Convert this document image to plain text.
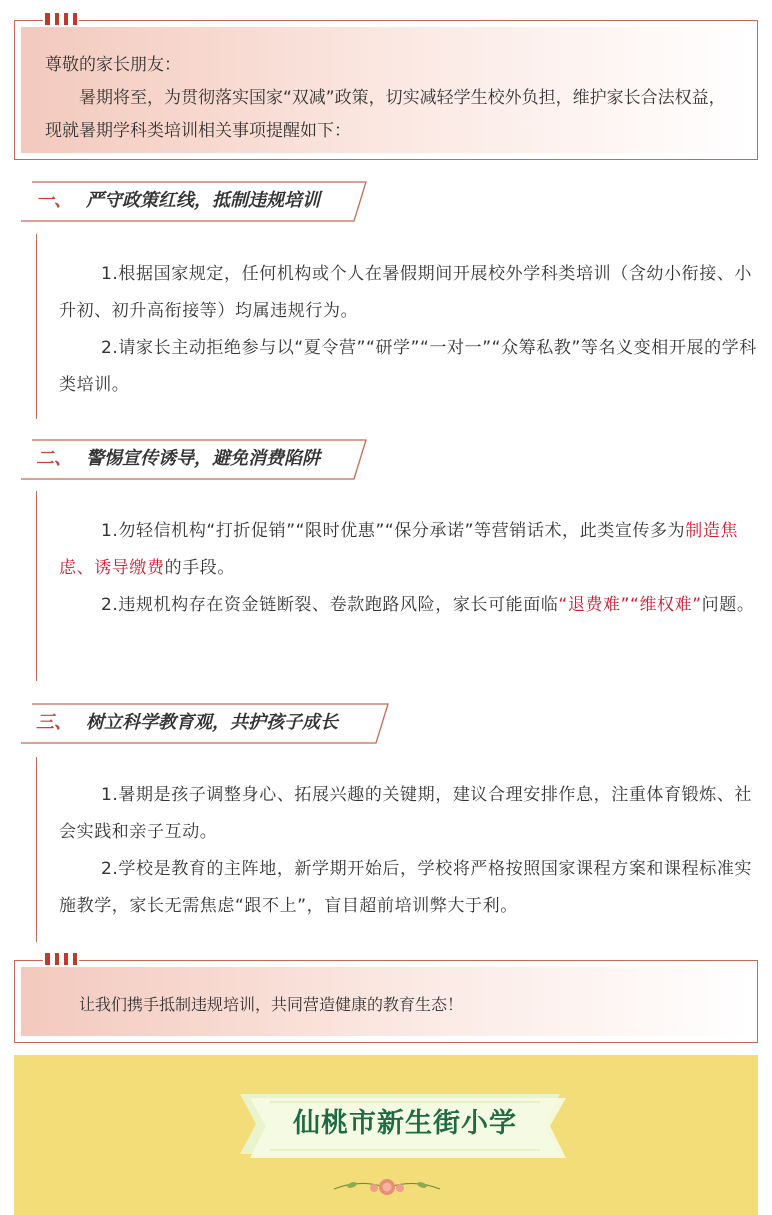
尊敬的家长朋友：

暑期将至，为贯彻落实国家“双减”政策，切实减轻学生校外负担，维护家长合法权益，现就暑期学科类培训相关事项提醒如下：

一、 严守政策红线，抵制违规培训

1.根据国家规定，任何机构或个人在暑假期间开展校外学科类培训（含幼小衔接、小升初、初升高衔接等）均属违规行为。

2.请家长主动拒绝参与以“夏令营”“研学”“一对一”“众筹私教”等名义变相开展的学科类培训。

二、 警惕宣传诱导，避免消费陷阱

1.勿轻信机构“打折促销”“限时优惠”“保分承诺”等营销话术，此类宣传多为制造焦虑、诱导缴费的手段。

2.违规机构存在资金链断裂、卷款跑路风险，家长可能面临“退费难”“维权难”问题。

三、 树立科学教育观，共护孩子成长

1.暑期是孩子调整身心、拓展兴趣的关键期，建议合理安排作息，注重体育锻炼、社会实践和亲子互动。

2.学校是教育的主阵地，新学期开始后，学校将严格按照国家课程方案和课程标准实施教学，家长无需焦虑“跟不上”，盲目超前培训弊大于利。

让我们携手抵制违规培训，共同营造健康的教育生态！
仙桃市新生街小学
